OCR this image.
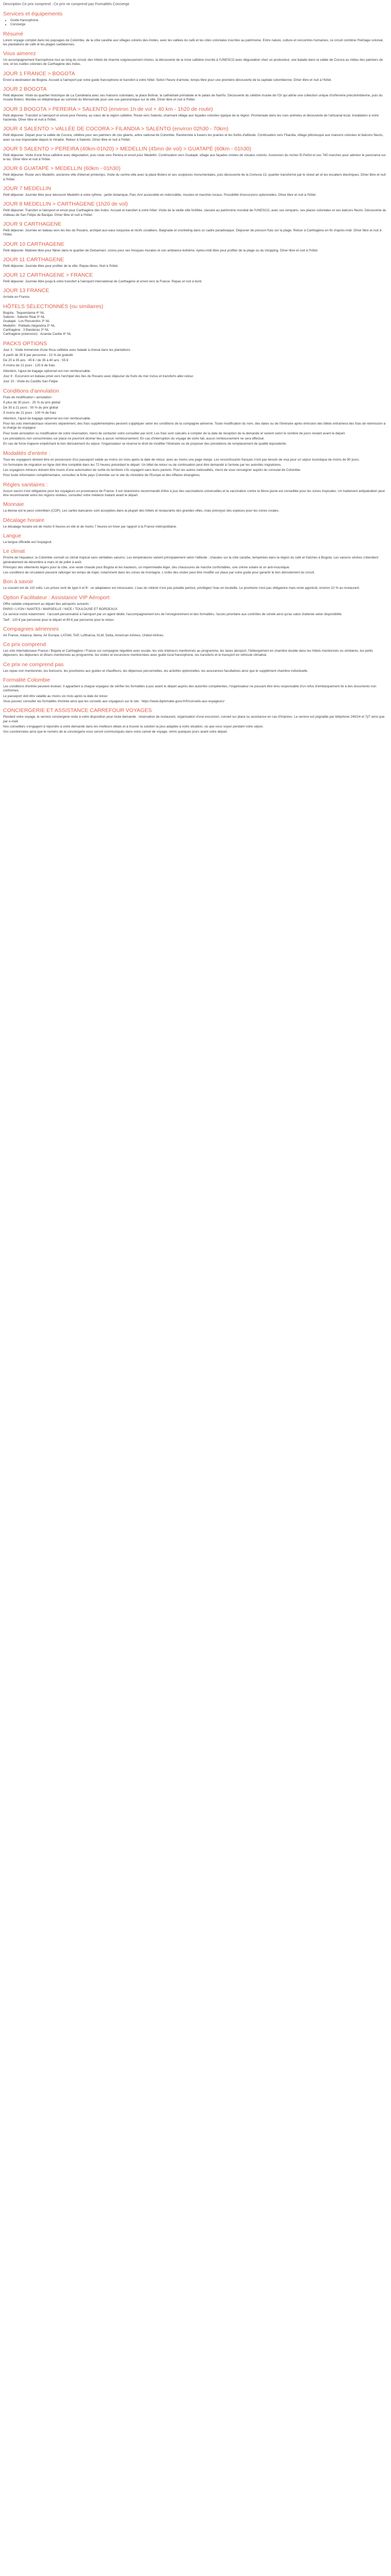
Description Ce prix comprend : Ce prix ne comprend pas Formalités Concierge
Services et équipements
• Guide francophone
• Concierge
Résumé

Lorem voyage complet dans les paysages de Colombie, de la côte caraïbe aux villages colorés des Andes, avec les vallées du café et les cités coloniales inscrites au patrimoine. Entre nature, culture et rencontres humaines, ce circuit combine l'héritage colonial, les plantations de café et les plages caribéennes.

Vous aimerez

Un accompagnement francophone tout au long du circuit, des hôtels de charme soigneusement choisis, la découverte de la zone caféière inscrite à l'UNESCO avec dégustation chez un producteur, une balade dans la vallée de Cocora au milieu des palmiers de cire, et les ruelles colorées de Carthagène des Indes.

JOUR 1 FRANCE > BOGOTA

Envol à destination de Bogota. Accueil à l'aéroport par votre guide francophone et transfert à votre hôtel. Selon l'heure d'arrivée, temps libre pour une première découverte de la capitale colombienne. Dîner libre et nuit à l'hôtel.

JOUR 2 BOGOTA

Petit déjeuner. Visite du quartier historique de La Candelaria avec ses maisons coloniales, la place Bolívar, la cathédrale primatiale et le palais de Nariño. Découverte du célèbre musée de l'Or qui abrite une collection unique d'orfèvrerie précolombienne, puis du musée Botero. Montée en téléphérique au sommet du Monserrate pour une vue panoramique sur la ville. Dîner libre et nuit à l'hôtel.

JOUR 3 BOGOTA > PEREIRA > SALENTO (environ 1h de vol + 40 km - 1h20 de route)

Petit déjeuner. Transfert à l'aéroport et envol pour Pereira, au cœur de la région caféière. Route vers Salento, charmant village aux façades colorées typique de la région. Promenade dans les rues animées et découverte de l'artisanat local. Installation à votre hacienda. Dîner libre et nuit à l'hôtel.

JOUR 4 SALENTO > VALLÉE DE COCORA > FILANDIA > SALENTO (environ 02h30 - 70km)

Petit déjeuner. Départ pour la vallée de Cocora, célèbre pour ses palmiers de cire géants, arbre national de Colombie. Randonnée à travers les prairies et les forêts d'altitude. Continuation vers Filandia, village pittoresque aux maisons colorées et balcons fleuris, avec sa vue imprenable depuis le mirador. Retour à Salento. Dîner libre et nuit à l'hôtel.

JOUR 5 SALENTO > PEREIRA (40km-01h20) > MEDELLIN (45mn de vol) > GUATAPÉ (60km - 01h30)

Petit déjeuner. Visite d'une finca caféière avec dégustation, puis route vers Pereira et envol pour Medellín. Continuation vers Guatapé, village aux façades ornées de zócalos colorés. Ascension du rocher El Peñol et ses 740 marches pour admirer le panorama sur le lac. Dîner libre et nuit à l'hôtel.

JOUR 6 GUATAPÉ > MEDELLIN (60km - 01h30)

Petit déjeuner. Route vers Medellín, ancienne ville d'éternel printemps. Visite du centre-ville avec la place Botero et ses sculptures monumentales, puis découverte de la Comuna 13, quartier transformé par le street art et les escaliers électriques. Dîner libre et nuit à l'hôtel.

JOUR 7 MEDELLIN

Petit déjeuner. Journée libre pour découvrir Medellín à votre rythme : jardin botanique, Parc Arví accessible en métrocâble, musées et marchés locaux. Possibilité d'excursions optionnelles. Dîner libre et nuit à l'hôtel.

JOUR 8 MEDELLIN > CARTHAGENE (1h20 de vol)

Petit déjeuner. Transfert à l'aéroport et envol pour Carthagène des Indes. Accueil et transfert à votre hôtel. Visite de la vieille ville fortifiée, classée au patrimoine mondial de l'UNESCO, avec ses remparts, ses places coloniales et ses balcons fleuris. Découverte du château de San Felipe de Barajas. Dîner libre et nuit à l'hôtel.

JOUR 9 CARTHAGENE

Petit déjeuner. Journée en bateau vers les îles du Rosario, archipel aux eaux turquoise et récifs coralliens. Baignade et snorkeling dans un cadre paradisiaque. Déjeuner de poisson frais sur la plage. Retour à Carthagène en fin d'après-midi. Dîner libre et nuit à l'hôtel.

JOUR 10 CARTHAGENE

Petit déjeuner. Matinée libre pour flâner dans le quartier de Getsemaní, connu pour ses fresques murales et son ambiance bohème. Après-midi libre pour profiter de la plage ou du shopping. Dîner libre et nuit à l'hôtel.

JOUR 11 CARTHAGENE

Petit déjeuner. Journée libre pour profiter de la ville. Repas libres. Nuit à l'hôtel.

JOUR 12 CARTHAGENE > FRANCE

Petit déjeuner. Journée libre jusqu'à votre transfert à l'aéroport international de Carthagène et envol vers la France. Repas et nuit à bord.

JOUR 13 FRANCE

Arrivée en France.

HÔTELS SÉLECTIONNÉS (ou similaires)

Bogota : Tequendama 4* NL

Salento : Salento Real 3* NL

Guatapé : Los Recuerdos 3* NL

Medellín : Poblado Alejandría 3* NL

Carthagène : 3 Banderas 3* NL

Carthagène (extension) : Ananda Caribe 4* NL

PACKS OPTIONS

Jour 3 : Visite immersive d'une finca caféière avec balade à cheval dans les plantations

À partir de 35 € par personne - 10 % de gratuité

De 20 à 35 ans : 45 € / de 35 à 40 ans : 55 €

À moins de 21 jours : 120 € de frais

Attention, l'ajout de bagage optionnel est non remboursable.

Jour 9 : Excursion en bateau privé vers l'archipel des îles du Rosario avec déjeuner de fruits de mer inclus et transferts aller-retour.

Jour 10 : Visite du Castillo San Felipe

Conditions d'annulation

Frais de modification / annulation :

À plus de 30 jours : 25 % du prix global

De 30 à 21 jours : 50 % du prix global

À moins de 21 jours : 100 % de frais

Attention, l'ajout de bagage optionnel est non remboursable.

Pour les vols internationaux réservés séparément, des frais supplémentaires peuvent s'appliquer selon les conditions de la compagnie aérienne. Toute modification du nom, des dates ou de l'itinéraire après émission des billets entraînera des frais de réémission à la charge du voyageur.

Pour toute annulation ou modification de votre réservation, merci de contacter votre conseiller par écrit. Les frais sont calculés à compter de la date de réception de la demande et varient selon le nombre de jours restant avant le départ.

Les prestations non consommées sur place ne pourront donner lieu à aucun remboursement. En cas d'interruption du voyage de votre fait, aucun remboursement ne sera effectué.

En cas de force majeure empêchant le bon déroulement du séjour, l'organisateur se réserve le droit de modifier l'itinéraire ou de proposer des prestations de remplacement de qualité équivalente.

Modalités d'entrée :

Tous les voyageurs doivent être en possession d'un passeport valide au moins six mois après la date de retour, avec au moins une page vierge. Les ressortissants français n'ont pas besoin de visa pour un séjour touristique de moins de 90 jours.

Un formulaire de migration en ligne doit être complété dans les 72 heures précédant le départ. Un billet de retour ou de continuation peut être demandé à l'arrivée par les autorités migratoires.

Les voyageurs mineurs doivent être munis d'une autorisation de sortie du territoire s'ils voyagent sans leurs parents. Pour les autres nationalités, merci de vous renseigner auprès du consulat de Colombie.

Pour toute information complémentaire, consultez la fiche pays Colombie sur le site du ministère de l'Europe et des Affaires étrangères.

Règles sanitaires :

Aucun vaccin n'est obligatoire pour les voyageurs en provenance de France. Il est néanmoins recommandé d'être à jour des vaccinations universelles et la vaccination contre la fièvre jaune est conseillée pour les zones tropicales. Un traitement antipaludéen peut être recommandé selon les régions visitées, consultez votre médecin traitant avant le départ.

Monnaie

La devise est le peso colombien (COP). Les cartes bancaires sont acceptées dans la plupart des hôtels et restaurants des grandes villes, mais prévoyez des espèces pour les zones rurales.

Décalage horaire

Le décalage horaire est de moins 6 heures en été et de moins 7 heures en hiver par rapport à la France métropolitaine.

Langue

La langue officielle est l'espagnol.

Le climat

Proche de l'équateur, la Colombie connaît un climat tropical sans véritables saisons. Les températures varient principalement selon l'altitude : chaudes sur la côte caraïbe, tempérées dans la région du café et fraîches à Bogota. Les saisons sèches s'étendent généralement de décembre à mars et de juillet à août.

Prévoyez des vêtements légers pour la côte, une veste chaude pour Bogota et les hauteurs, un imperméable léger, des chaussures de marche confortables, une crème solaire et un anti-moustique.

Les conditions de circulation peuvent rallonger les temps de trajet, notamment dans les zones de montagne. L'ordre des visites peut être modifié sur place par votre guide pour garantir le bon déroulement du circuit.

Bon à savoir

Le courant est de 110 volts. Les prises sont de type A et B : un adaptateur est nécessaire. L'eau du robinet n'est pas potable partout, privilégiez l'eau en bouteille. Le pourboire n'est pas obligatoire mais reste apprécié, environ 10 % au restaurant.

Option Facilitateur : Assistance VIP Aéroport

Offre valable uniquement au départ des aéroports suivants :

PARIS / LYON / NANTES / MARSEILLE / NICE / TOULOUSE ET BORDEAUX

Ce service inclut notamment : l'accueil personnalisé à l'aéroport par un agent dédié, l'accompagnement lors de l'enregistrement et des formalités, l'accès prioritaire aux contrôles de sûreté ainsi qu'au salon d'attente selon disponibilité.

Tarif : 120 € par personne pour le départ et 80 € par personne pour le retour.

Compagnies aériennes

Air France, Avianca, Iberia, Air Europa, LATAM, TAP, Lufthansa, KLM, Delta, American Airlines, United Airlines.

Ce prix comprend

Les vols internationaux France / Bogota et Carthagène / France sur compagnie régulière avec escale, les vols intérieurs mentionnés au programme, les taxes aéroport, l'hébergement en chambre double dans les hôtels mentionnés ou similaires, les petits déjeuners, les déjeuners et dîners mentionnés au programme, les visites et excursions mentionnées avec guide local francophone, les transferts et le transport en véhicule climatisé.

Ce prix ne comprend pas

Les repas non mentionnés, les boissons, les pourboires aux guides et chauffeurs, les dépenses personnelles, les activités optionnelles, les assurances facultatives ainsi que le supplément chambre individuelle.

Formalité Colombie

Les conditions d'entrée peuvent évoluer. Il appartient à chaque voyageur de vérifier les formalités à jour avant le départ auprès des autorités compétentes, l'organisateur ne pouvant être tenu responsable d'un refus d'embarquement lié à des documents non conformes.

Le passeport doit être valable au moins six mois après la date de retour.

Vous pouvez consulter les formalités d'entrée ainsi que les conseils aux voyageurs sur le site : https://www.diplomatie.gouv.fr/fr/conseils-aux-voyageurs/

CONCIERGERIE ET ASSISTANCE CARREFOUR VOYAGES

Pendant votre voyage, le service conciergerie reste à votre disposition pour toute demande : réservation de restaurant, organisation d'une excursion, conseil sur place ou assistance en cas d'imprévu. Le service est joignable par téléphone 24h/24 et 7j/7 ainsi que par e-mail.

Nos conseillers s'engagent à répondre à votre demande dans les meilleurs délais et à trouver la solution la plus adaptée à votre situation, où que vous soyez pendant votre séjour.

Vos coordonnées ainsi que le numéro de la conciergerie vous seront communiqués dans votre carnet de voyage, remis quelques jours avant votre départ.
